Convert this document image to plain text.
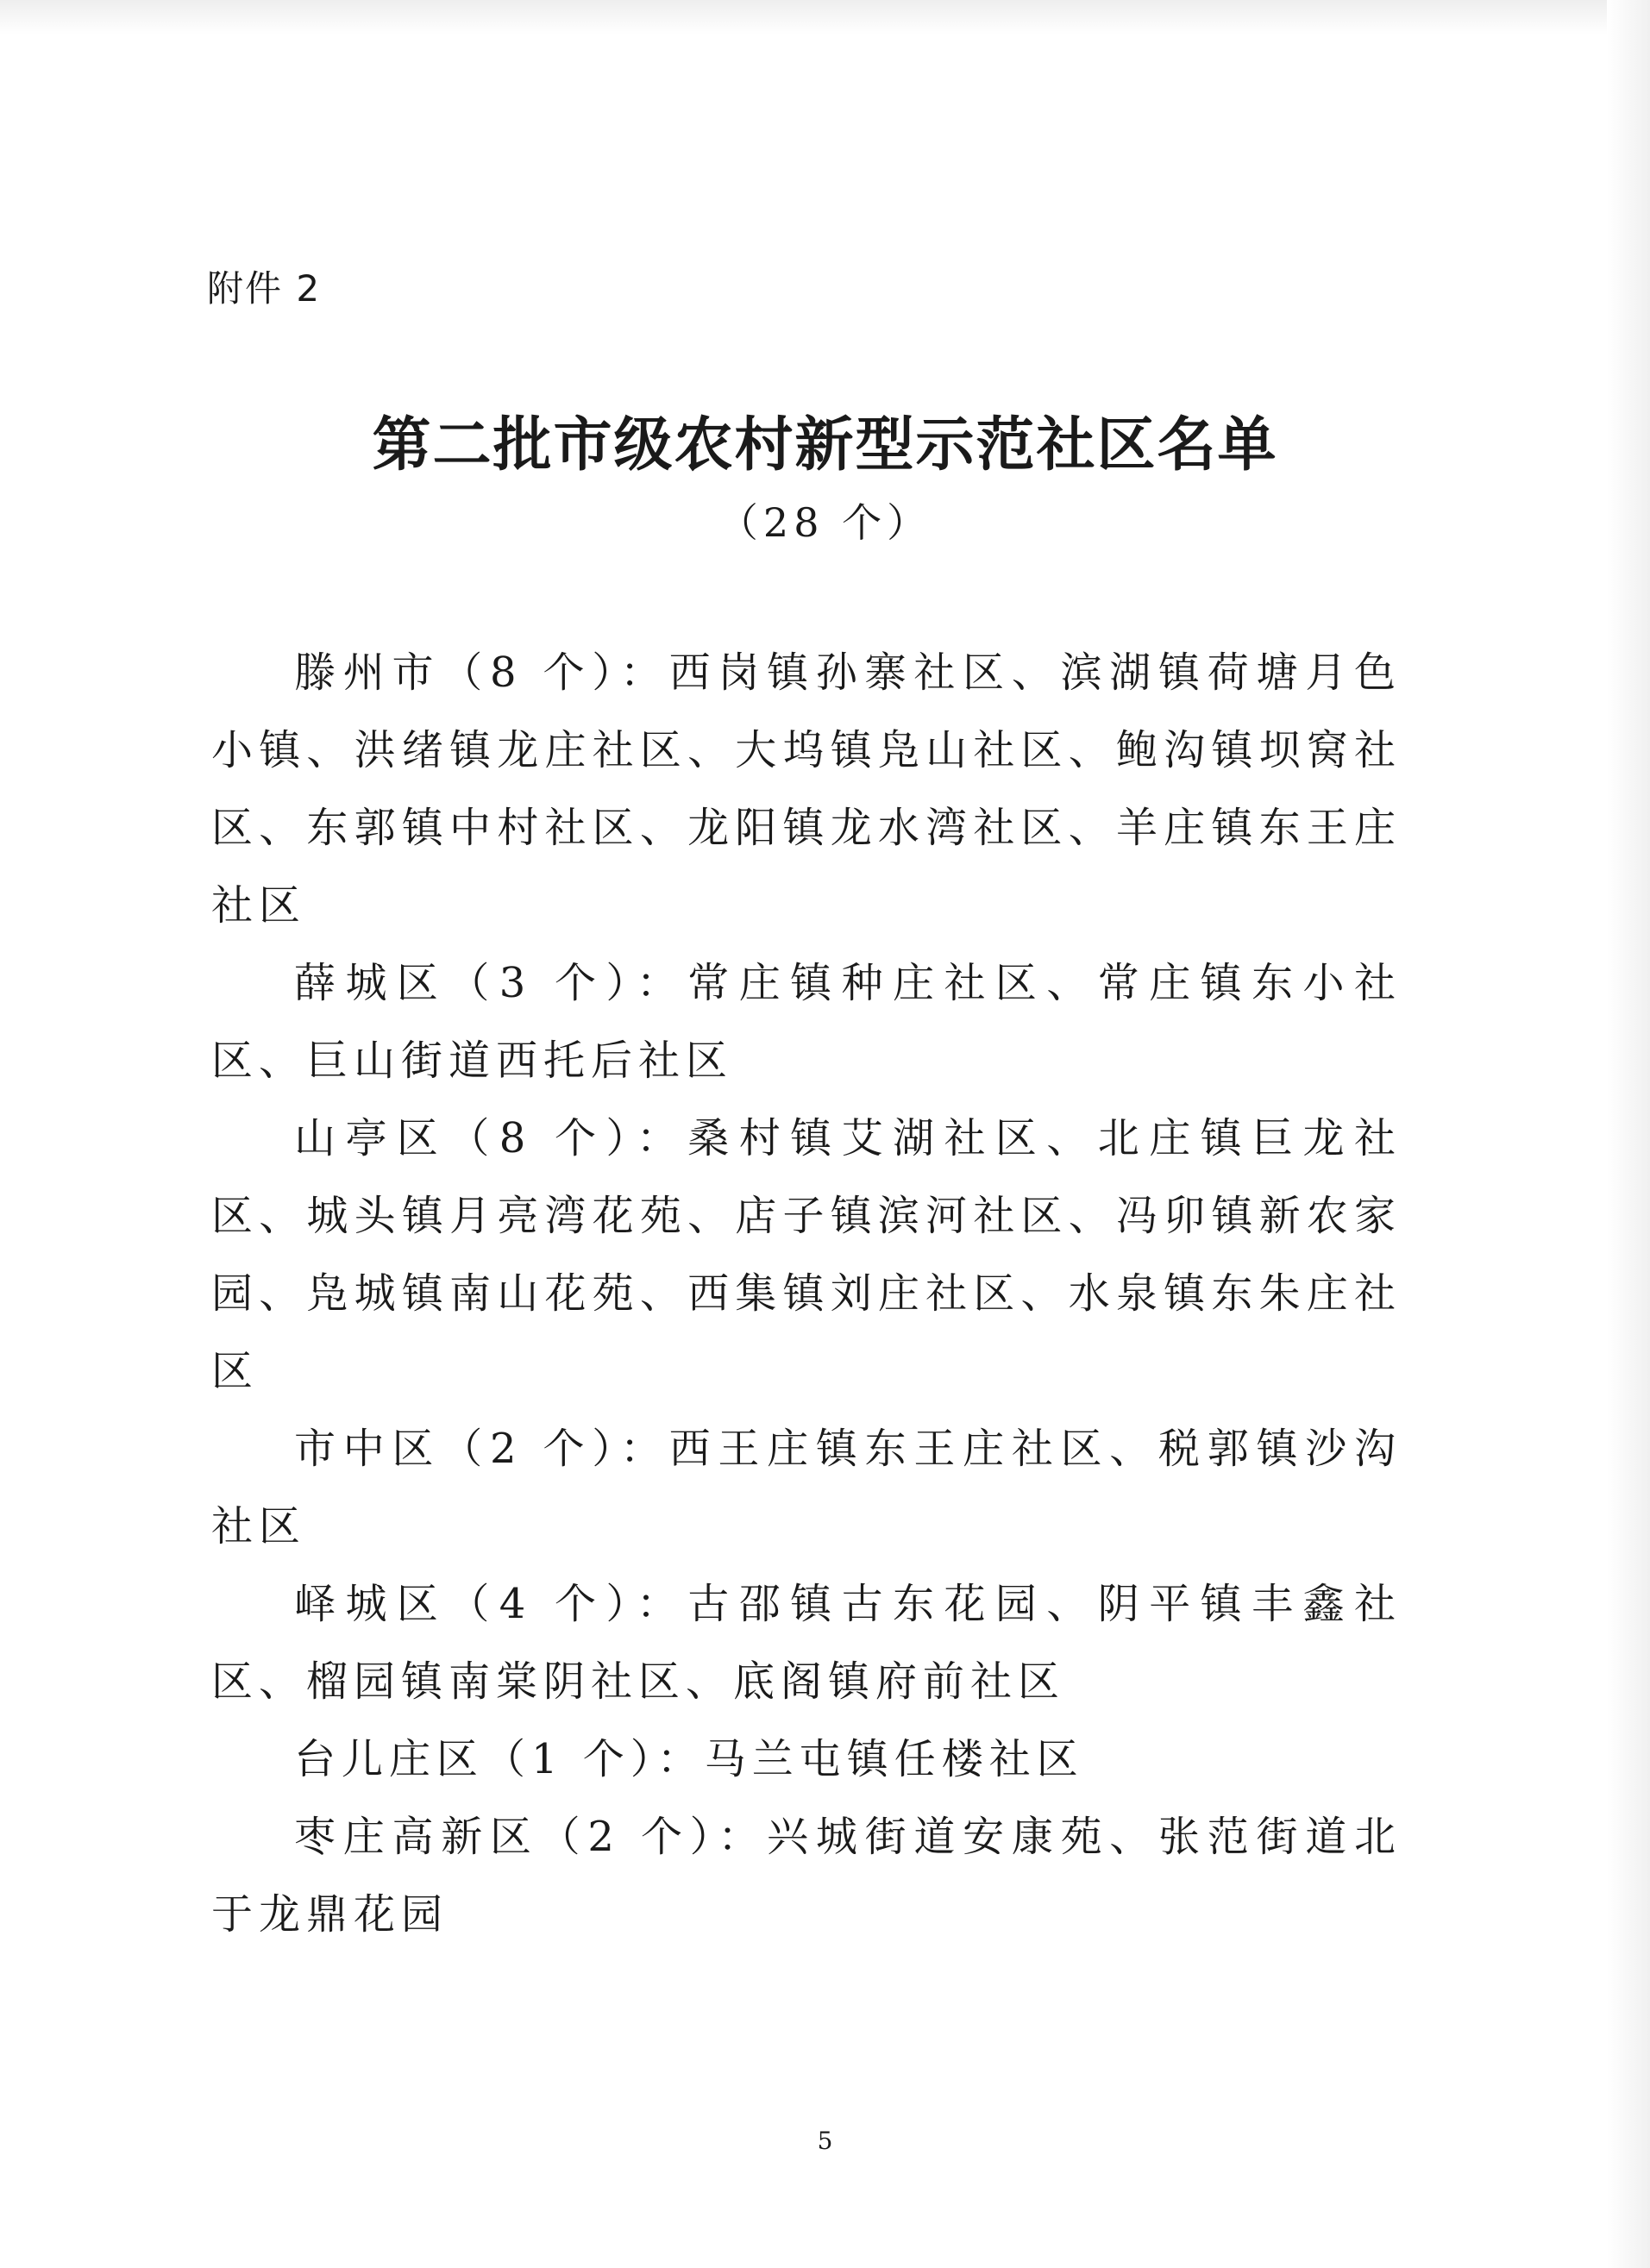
附件 2
第二批市级农村新型示范社区名单
（28 个）

滕州市（8 个）：西岗镇孙寨社区、滨湖镇荷塘月色小镇、洪绪镇龙庄社区、大坞镇凫山社区、鲍沟镇坝窝社区、东郭镇中村社区、龙阳镇龙水湾社区、羊庄镇东王庄社区

薛城区（3 个）：常庄镇种庄社区、常庄镇东小社区、巨山街道西托后社区

山亭区（8 个）：桑村镇艾湖社区、北庄镇巨龙社区、城头镇月亮湾花苑、店子镇滨河社区、冯卯镇新农家园、凫城镇南山花苑、西集镇刘庄社区、水泉镇东朱庄社区

市中区（2 个）：西王庄镇东王庄社区、税郭镇沙沟社区

峄城区（4 个）：古邵镇古东花园、阴平镇丰鑫社区、榴园镇南棠阴社区、底阁镇府前社区

台儿庄区（1 个）：马兰屯镇任楼社区

枣庄高新区（2 个）：兴城街道安康苑、张范街道北于龙鼎花园

5
